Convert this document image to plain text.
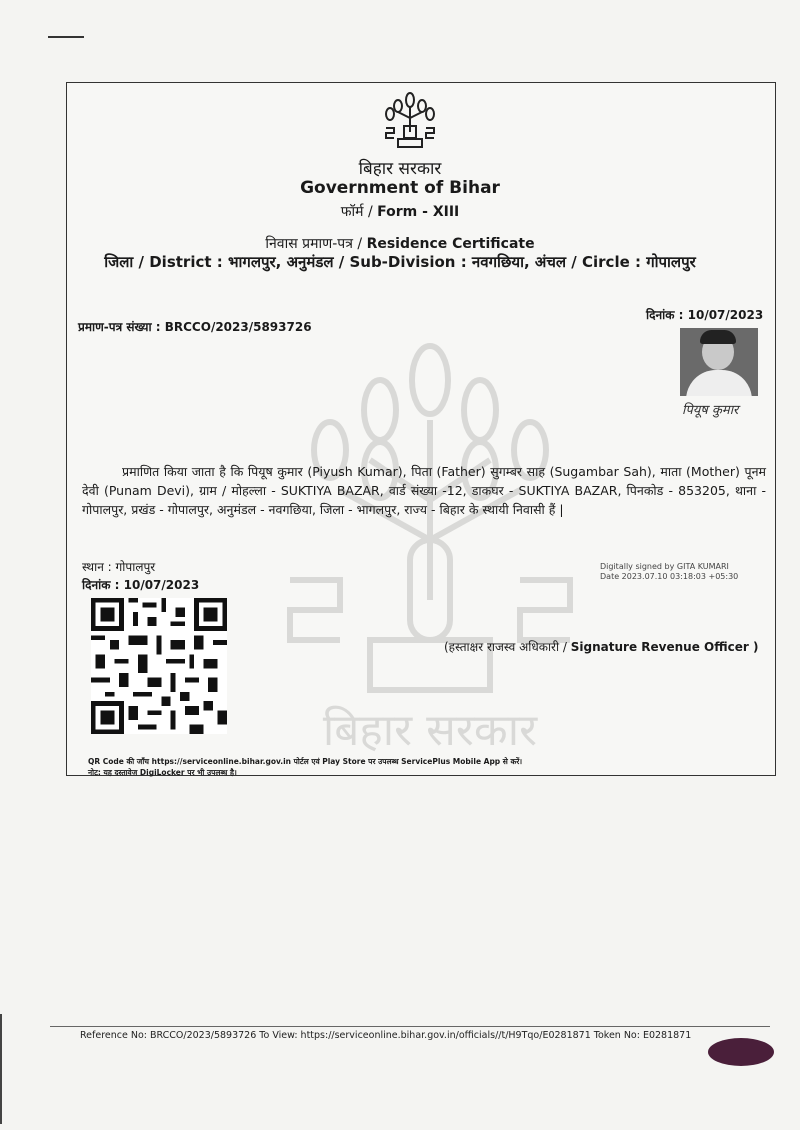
बिहार सरकार
बिहार सरकार
Government of Bihar
फॉर्म / Form - XIII
निवास प्रमाण-पत्र / Residence Certificate
जिला / District : भागलपुर, अनुमंडल / Sub-Division : नवगछिया, अंचल / Circle : गोपालपुर
प्रमाण-पत्र संख्या : BRCCO/2023/5893726
दिनांक : 10/07/2023
पियूष कुमार

प्रमाणित किया जाता है कि पियूष कुमार (Piyush Kumar), पिता (Father) सुगम्बर साह (Sugambar Sah), माता (Mother) पूनम देवी (Punam Devi), ग्राम / मोहल्ला - SUKTIYA BAZAR, वार्ड संख्या -12, डाकघर - SUKTIYA BAZAR, पिनकोड - 853205, थाना - गोपालपुर, प्रखंड - गोपालपुर, अनुमंडल - नवगछिया, जिला - भागलपुर, राज्य - बिहार के स्थायी निवासी हैं |

स्थान : गोपालपुर
दिनांक : 10/07/2023
Digitally signed by GITA KUMARI
Date 2023.07.10 03:18:03 +05:30
(हस्ताक्षर राजस्व अधिकारी / Signature Revenue Officer )
QR Code की जाँच https://serviceonline.bihar.gov.in पोर्टल एवं Play Store पर उपलब्ध ServicePlus Mobile App से करें।
नोट: यह दस्तावेज DigiLocker पर भी उपलब्ध है।
Reference No: BRCCO/2023/5893726 To View: https://serviceonline.bihar.gov.in/officials//t/H9Tqo/E0281871 Token No: E0281871
